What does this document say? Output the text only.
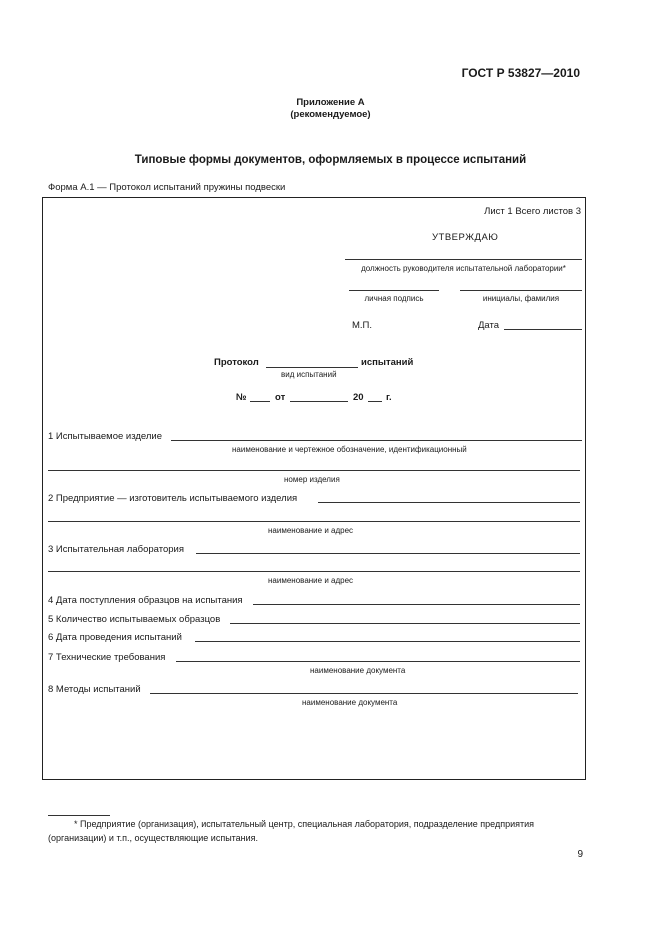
ГОСТ Р 53827—2010
Приложение А
(рекомендуемое)
Типовые формы документов, оформляемых в процессе испытаний
Форма А.1 — Протокол испытаний пружины подвески
Лист 1 Всего листов 3
УТВЕРЖДАЮ
должность руководителя испытательной лаборатории*
личная подпись	инициалы, фамилия
М.П.	Дата
Протокол	испытаний
вид испытаний
№	от	20 г.
1 Испытываемое изделие
наименование и чертежное обозначение, идентификационный
номер изделия
2 Предприятие — изготовитель испытываемого изделия
наименование и адрес
3 Испытательная лаборатория
наименование и адрес
4 Дата поступления образцов на испытания
5 Количество испытываемых образцов
6 Дата проведения испытаний
7 Технические требования
наименование документа
8 Методы испытаний
наименование документа
* Предприятие (организация), испытательный центр, специальная лаборатория, подразделение предприятия (организации) и т.п., осуществляющие испытания.
9
